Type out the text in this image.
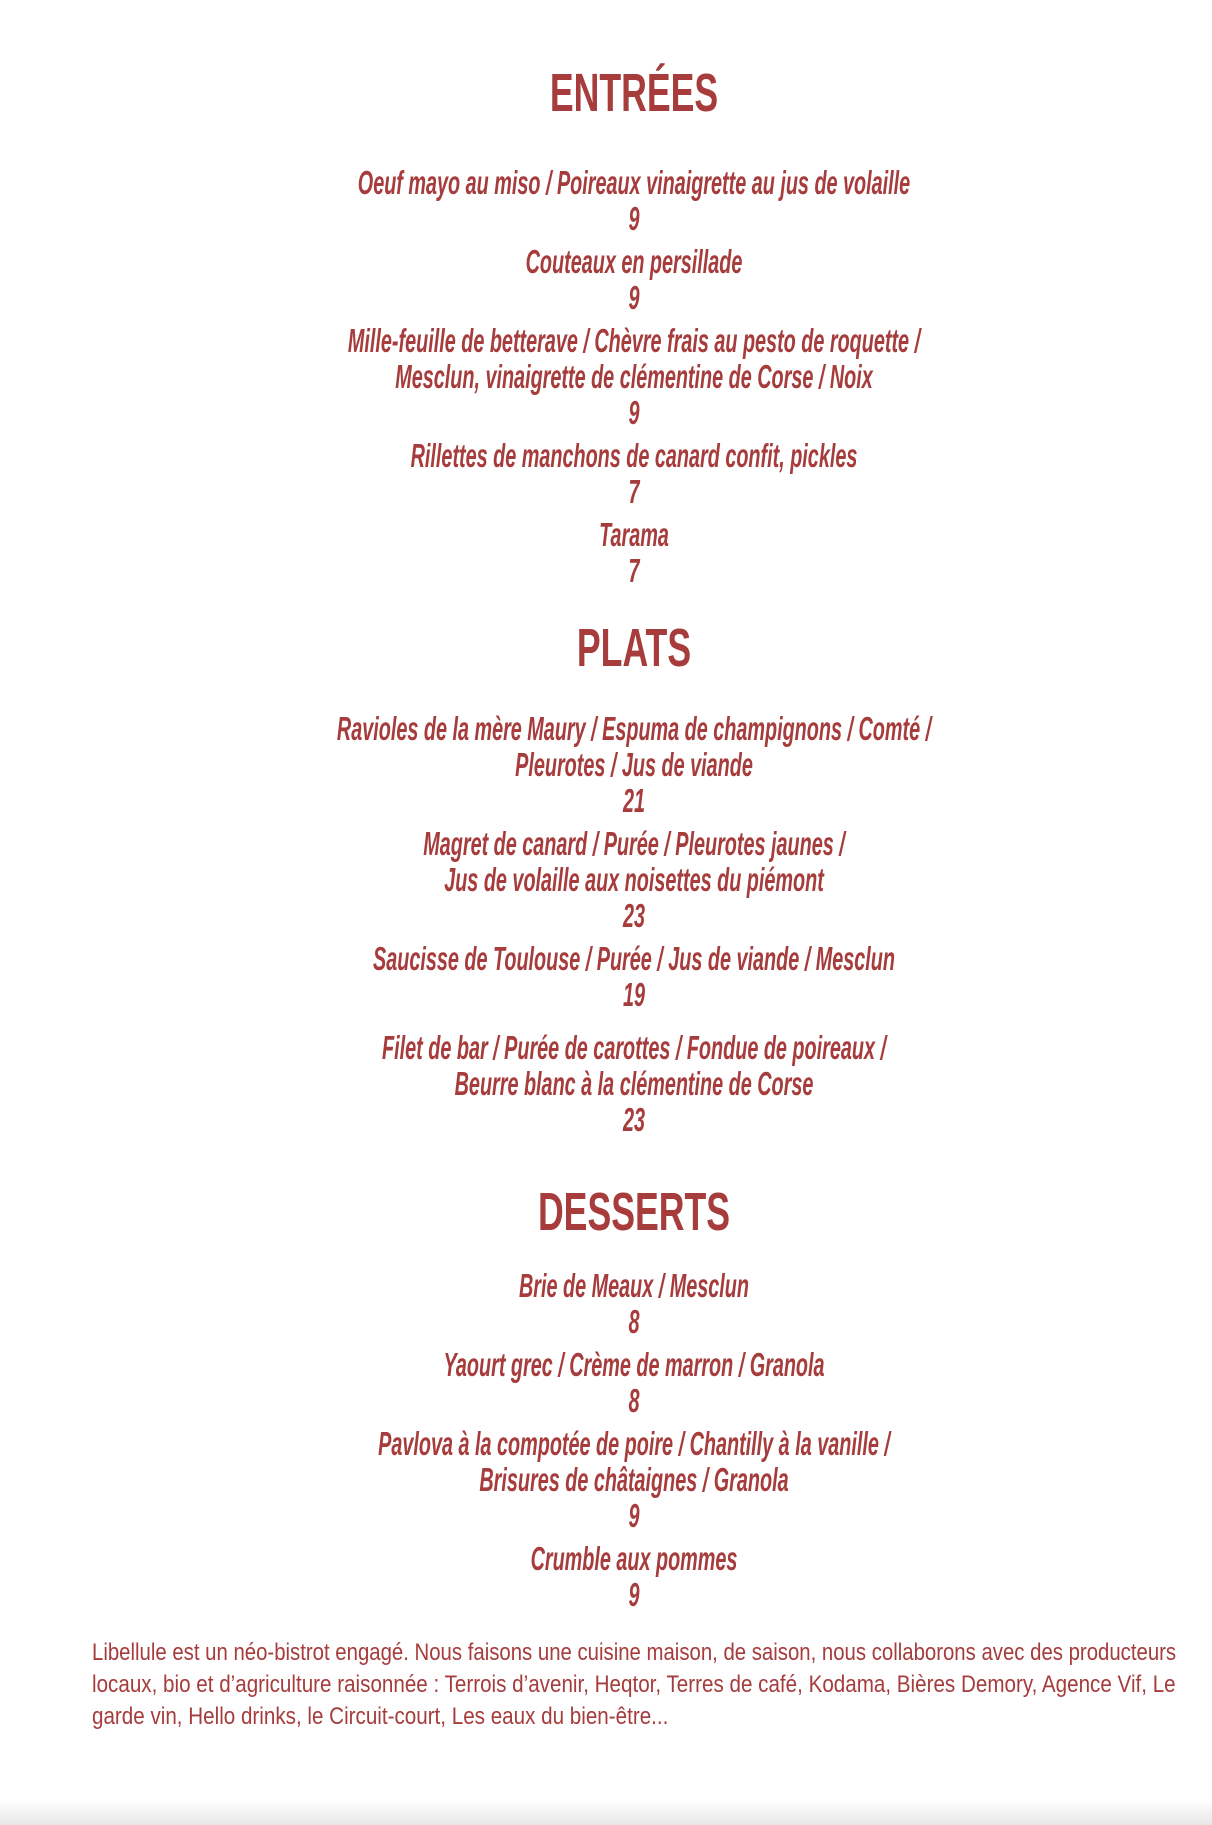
ENTRÉES
Oeuf mayo au miso / Poireaux vinaigrette au jus de volaille
9
Couteaux en persillade
9
Mille-feuille de betterave / Chèvre frais au pesto de roquette /
Mesclun, vinaigrette de clémentine de Corse / Noix
9
Rillettes de manchons de canard confit, pickles
7
Tarama
7
PLATS
Ravioles de la mère Maury / Espuma de champignons / Comté /
Pleurotes / Jus de viande
21
Magret de canard / Purée / Pleurotes jaunes /
Jus de volaille aux noisettes du piémont
23
Saucisse de Toulouse / Purée / Jus de viande / Mesclun
19
Filet de bar / Purée de carottes / Fondue de poireaux /
Beurre blanc à la clémentine de Corse
23
DESSERTS
Brie de Meaux / Mesclun
8
Yaourt grec / Crème de marron / Granola
8
Pavlova à la compotée de poire / Chantilly à la vanille /
Brisures de châtaignes / Granola
9
Crumble aux pommes
9
Libellule est un néo-bistrot engagé. Nous faisons une cuisine maison, de saison, nous collaborons avec des producteurs
locaux, bio et d’agriculture raisonnée : Terrois d’avenir, Heqtor, Terres de café, Kodama, Bières Demory, Agence Vif, Le
garde vin, Hello drinks, le Circuit-court, Les eaux du bien-être...
